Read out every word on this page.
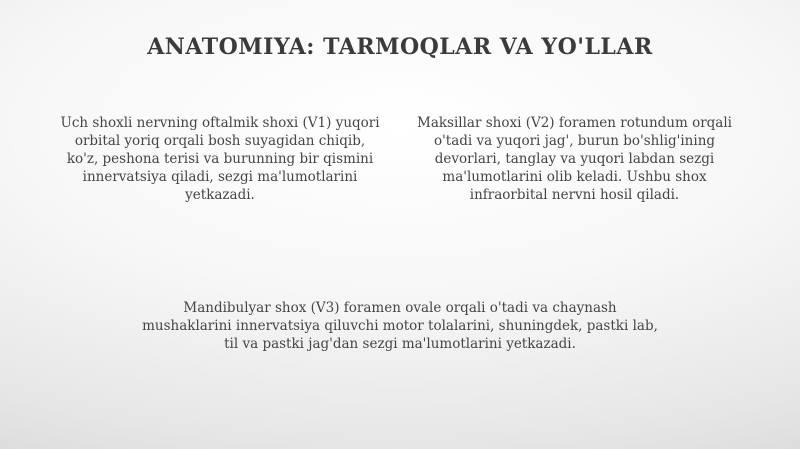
ANATOMIYA: TARMOQLAR VA YO'LLAR

Uch shoxli nervning oftalmik shoxi (V1) yuqori orbital yoriq orqali bosh suyagidan chiqib, ko'z, peshona terisi va burunning bir qismini innervatsiya qiladi, sezgi ma'lumotlarini yetkazadi.

Maksillar shoxi (V2) foramen rotundum orqali o'tadi va yuqori jag', burun bo'shlig'ining devorlari, tanglay va yuqori labdan sezgi ma'lumotlarini olib keladi. Ushbu shox infraorbital nervni hosil qiladi.

Mandibulyar shox (V3) foramen ovale orqali o'tadi va chaynash mushaklarini innervatsiya qiluvchi motor tolalarini, shuningdek, pastki lab, til va pastki jag'dan sezgi ma'lumotlarini yetkazadi.
